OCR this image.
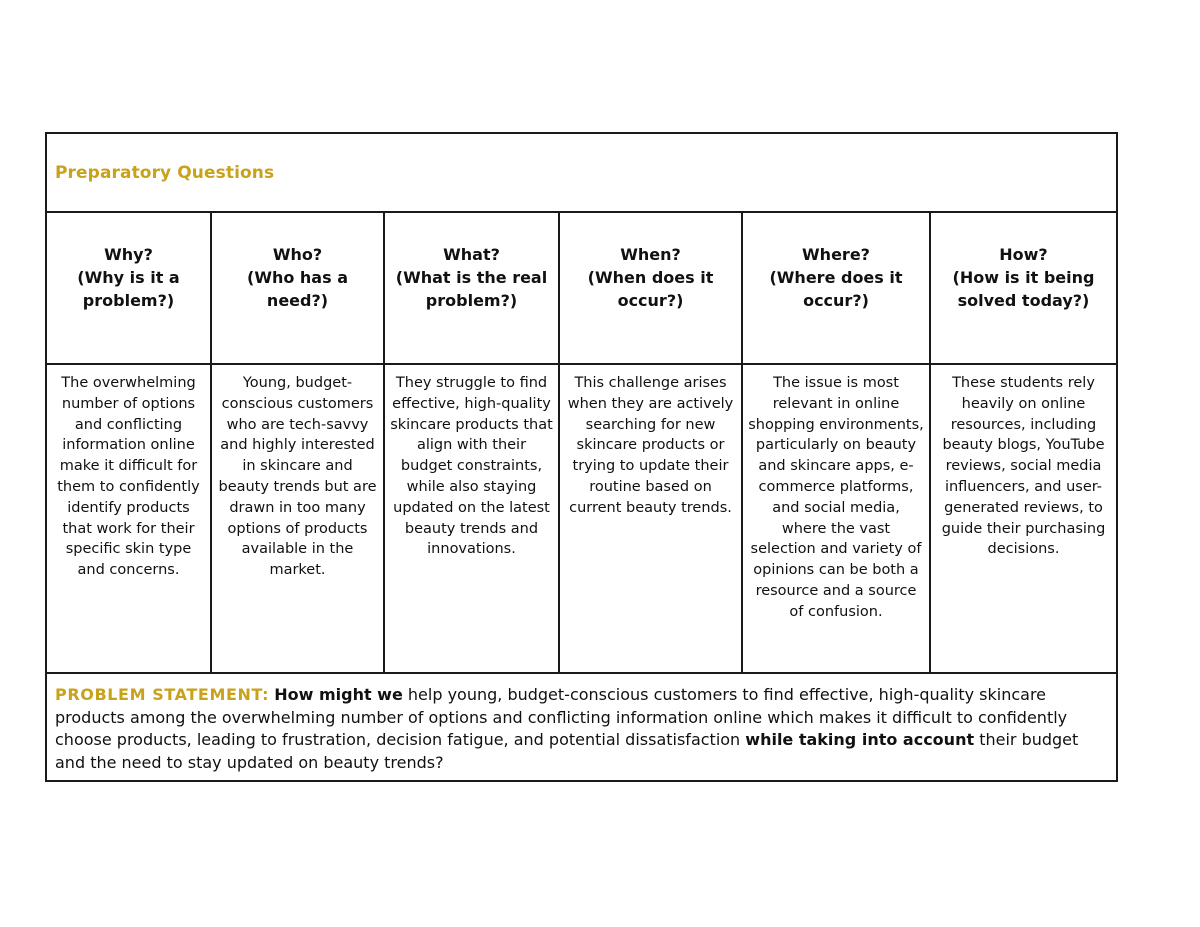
Preparatory Questions
Why?
(Why is it a
problem?)
Who?
(Who has a
need?)
What?
(What is the real
problem?)
When?
(When does it
occur?)
Where?
(Where does it
occur?)
How?
(How is it being
solved today?)
The overwhelming number of options and conflicting information online make it difficult for them to confidently identify products that work for their specific skin type and concerns.
Young, budget-conscious customers who are tech-savvy and highly interested in skincare and beauty trends but are drawn in too many options of products available in the market.
They struggle to find effective, high-quality skincare products that align with their budget constraints, while also staying updated on the latest beauty trends and innovations.
This challenge arises when they are actively searching for new skincare products or trying to update their routine based on current beauty trends.
The issue is most relevant in online shopping environments, particularly on beauty and skincare apps, e-commerce platforms, and social media, where the vast selection and variety of opinions can be both a resource and a source of confusion.
These students rely heavily on online resources, including beauty blogs, YouTube reviews, social media influencers, and user-generated reviews, to guide their purchasing decisions.
PROBLEM STATEMENT: How might we help young, budget-conscious customers to find effective, high-quality skincare products among the overwhelming number of options and conflicting information online which makes it difficult to confidently choose products, leading to frustration, decision fatigue, and potential dissatisfaction while taking into account their budget and the need to stay updated on beauty trends?
